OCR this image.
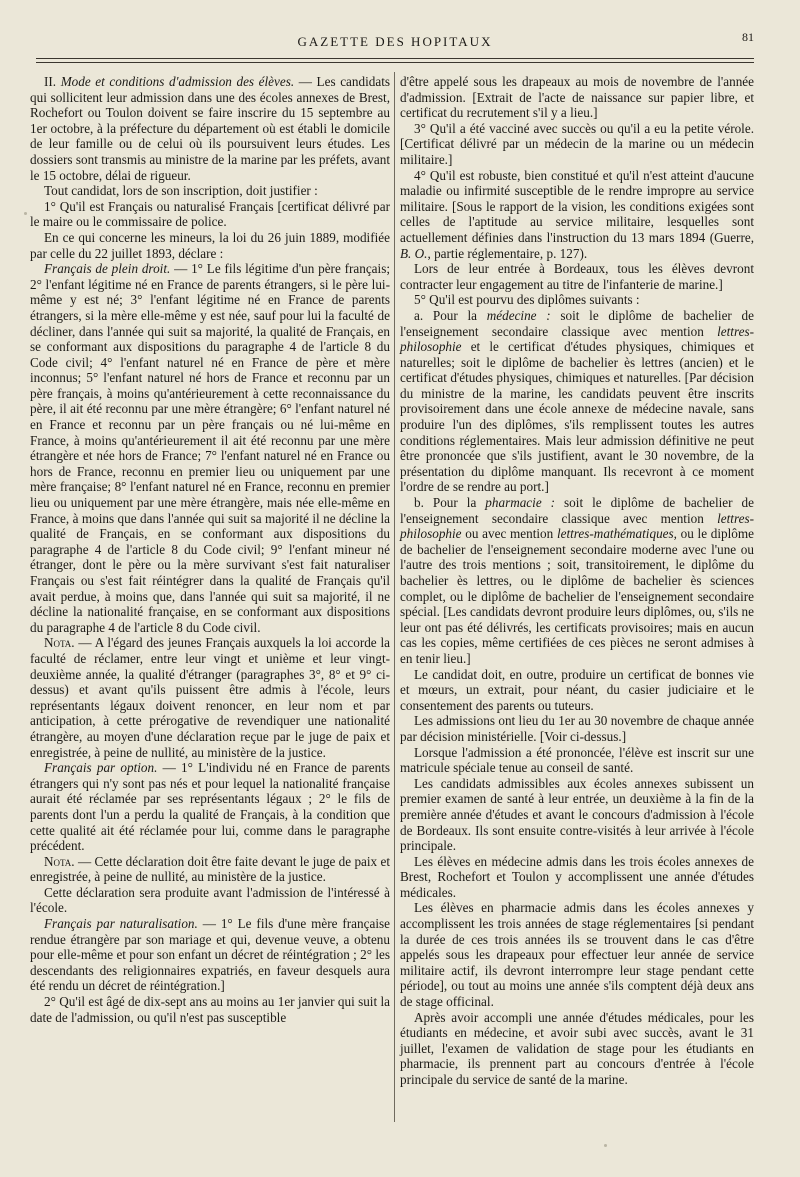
GAZETTE DES HOPITAUX	81

II. Mode et conditions d'admission des élèves. — Les candidats qui sollicitent leur admission dans une des écoles annexes de Brest, Rochefort ou Toulon doivent se faire inscrire du 15 septembre au 1er octobre, à la préfecture du département où est établi le domicile de leur famille ou de celui où ils poursuivent leurs études. Les dossiers sont transmis au ministre de la marine par les préfets, avant le 15 octobre, délai de rigueur.

Tout candidat, lors de son inscription, doit justifier :

1° Qu'il est Français ou naturalisé Français [certificat délivré par le maire ou le commissaire de police.

En ce qui concerne les mineurs, la loi du 26 juin 1889, modifiée par celle du 22 juillet 1893, déclare :

Français de plein droit. — 1° Le fils légitime d'un père français; 2° l'enfant légitime né en France de parents étrangers, si le père lui-même y est né; 3° l'enfant légitime né en France de parents étrangers, si la mère elle-même y est née, sauf pour lui la faculté de décliner, dans l'année qui suit sa majorité, la qualité de Français, en se conformant aux dispositions du paragraphe 4 de l'article 8 du Code civil; 4° l'enfant naturel né en France de père et mère inconnus; 5° l'enfant naturel né hors de France et reconnu par un père français, à moins qu'antérieurement à cette reconnaissance du père, il ait été reconnu par une mère étrangère; 6° l'enfant naturel né en France et reconnu par un père français ou né lui-même en France, à moins qu'antérieurement il ait été reconnu par une mère étrangère et née hors de France; 7° l'enfant naturel né en France ou hors de France, reconnu en premier lieu ou uniquement par une mère française; 8° l'enfant naturel né en France, reconnu en premier lieu ou uniquement par une mère étrangère, mais née elle-même en France, à moins que dans l'année qui suit sa majorité il ne décline la qualité de Français, en se conformant aux dispositions du paragraphe 4 de l'article 8 du Code civil; 9° l'enfant mineur né étranger, dont le père ou la mère survivant s'est fait naturaliser Français ou s'est fait réintégrer dans la qualité de Français qu'il avait perdue, à moins que, dans l'année qui suit sa majorité, il ne décline la nationalité française, en se conformant aux dispositions du paragraphe 4 de l'article 8 du Code civil.

Nota. — A l'égard des jeunes Français auxquels la loi accorde la faculté de réclamer, entre leur vingt et unième et leur vingt-deuxième année, la qualité d'étranger (paragraphes 3°, 8° et 9° ci-dessus) et avant qu'ils puissent être admis à l'école, leurs représentants légaux doivent renoncer, en leur nom et par anticipation, à cette prérogative de revendiquer une nationalité étrangère, au moyen d'une déclaration reçue par le juge de paix et enregistrée, à peine de nullité, au ministère de la justice.

Français par option. — 1° L'individu né en France de parents étrangers qui n'y sont pas nés et pour lequel la nationalité française aurait été réclamée par ses représentants légaux ; 2° le fils de parents dont l'un a perdu la qualité de Français, à la condition que cette qualité ait été réclamée pour lui, comme dans le paragraphe précédent.

Nota. — Cette déclaration doit être faite devant le juge de paix et enregistrée, à peine de nullité, au ministère de la justice.

Cette déclaration sera produite avant l'admission de l'intéressé à l'école.

Français par naturalisation. — 1° Le fils d'une mère française rendue étrangère par son mariage et qui, devenue veuve, a obtenu pour elle-même et pour son enfant un décret de réintégration ; 2° les descendants des religionnaires expatriés, en faveur desquels aura été rendu un décret de réintégration.]

2° Qu'il est âgé de dix-sept ans au moins au 1er janvier qui suit la date de l'admission, ou qu'il n'est pas susceptible

d'être appelé sous les drapeaux au mois de novembre de l'année d'admission. [Extrait de l'acte de naissance sur papier libre, et certificat du recrutement s'il y a lieu.]

3° Qu'il a été vacciné avec succès ou qu'il a eu la petite vérole. [Certificat délivré par un médecin de la marine ou un médecin militaire.]

4° Qu'il est robuste, bien constitué et qu'il n'est atteint d'aucune maladie ou infirmité susceptible de le rendre impropre au service militaire. [Sous le rapport de la vision, les conditions exigées sont celles de l'aptitude au service militaire, lesquelles sont actuellement définies dans l'instruction du 13 mars 1894 (Guerre, B. O., partie réglementaire, p. 127).

Lors de leur entrée à Bordeaux, tous les élèves devront contracter leur engagement au titre de l'infanterie de marine.]

5° Qu'il est pourvu des diplômes suivants :

a. Pour la médecine : soit le diplôme de bachelier de l'enseignement secondaire classique avec mention lettres-philosophie et le certificat d'études physiques, chimiques et naturelles; soit le diplôme de bachelier ès lettres (ancien) et le certificat d'études physiques, chimiques et naturelles. [Par décision du ministre de la marine, les candidats peuvent être inscrits provisoirement dans une école annexe de médecine navale, sans produire l'un des diplômes, s'ils remplissent toutes les autres conditions réglementaires. Mais leur admission définitive ne peut être prononcée que s'ils justifient, avant le 30 novembre, de la présentation du diplôme manquant. Ils recevront à ce moment l'ordre de se rendre au port.]

b. Pour la pharmacie : soit le diplôme de bachelier de l'enseignement secondaire classique avec mention lettres-philosophie ou avec mention lettres-mathématiques, ou le diplôme de bachelier de l'enseignement secondaire moderne avec l'une ou l'autre des trois mentions ; soit, transitoirement, le diplôme du bachelier ès lettres, ou le diplôme de bachelier ès sciences complet, ou le diplôme de bachelier de l'enseignement secondaire spécial. [Les candidats devront produire leurs diplômes, ou, s'ils ne leur ont pas été délivrés, les certificats provisoires; mais en aucun cas les copies, même certifiées de ces pièces ne seront admises à en tenir lieu.]

Le candidat doit, en outre, produire un certificat de bonnes vie et mœurs, un extrait, pour néant, du casier judiciaire et le consentement des parents ou tuteurs.

Les admissions ont lieu du 1er au 30 novembre de chaque année par décision ministérielle. [Voir ci-dessus.]

Lorsque l'admission a été prononcée, l'élève est inscrit sur une matricule spéciale tenue au conseil de santé.

Les candidats admissibles aux écoles annexes subissent un premier examen de santé à leur entrée, un deuxième à la fin de la première année d'études et avant le concours d'admission à l'école de Bordeaux. Ils sont ensuite contre-visités à leur arrivée à l'école principale.

Les élèves en médecine admis dans les trois écoles annexes de Brest, Rochefort et Toulon y accomplissent une année d'études médicales.

Les élèves en pharmacie admis dans les écoles annexes y accomplissent les trois années de stage réglementaires [si pendant la durée de ces trois années ils se trouvent dans le cas d'être appelés sous les drapeaux pour effectuer leur année de service militaire actif, ils devront interrompre leur stage pendant cette période], ou tout au moins une année s'ils comptent déjà deux ans de stage officinal.

Après avoir accompli une année d'études médicales, pour les étudiants en médecine, et avoir subi avec succès, avant le 31 juillet, l'examen de validation de stage pour les étudiants en pharmacie, ils prennent part au concours d'entrée à l'école principale du service de santé de la marine.
